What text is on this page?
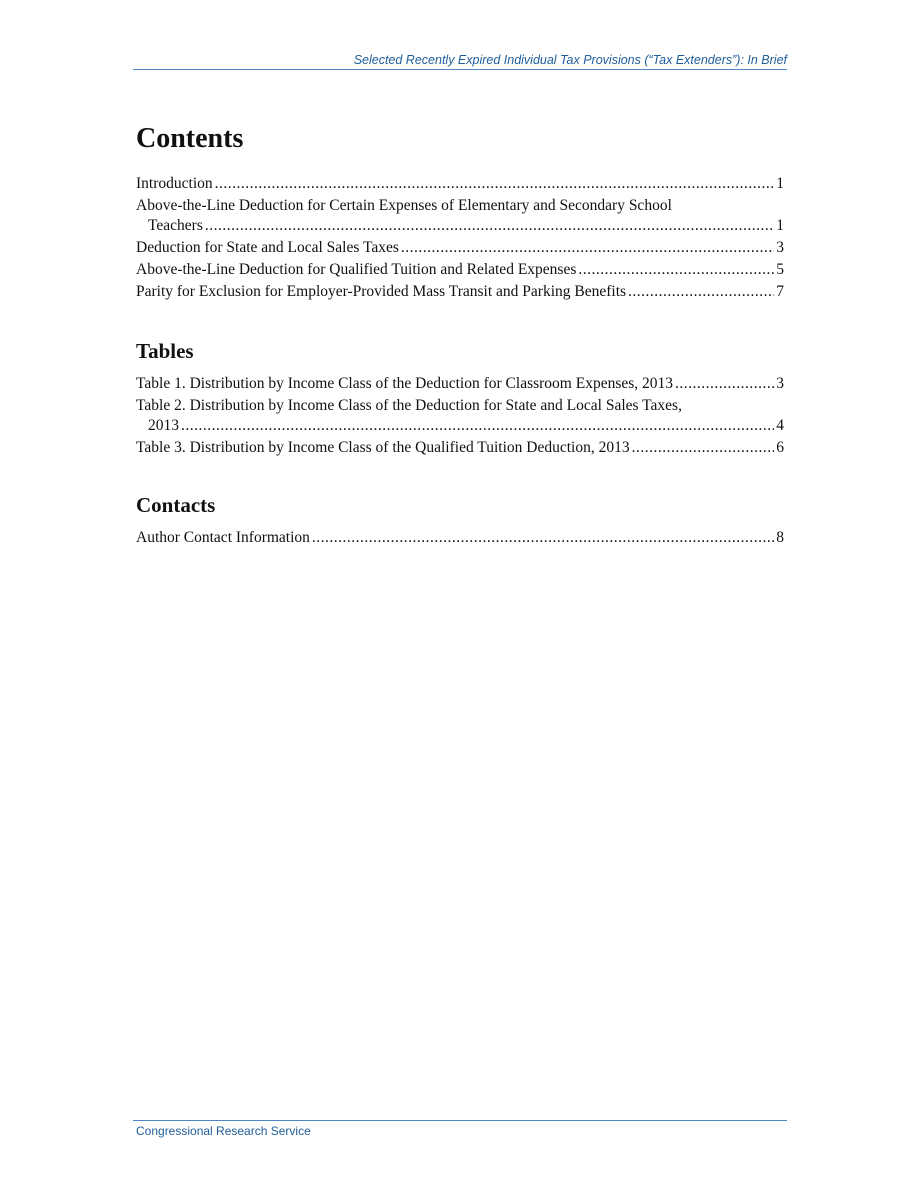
Selected Recently Expired Individual Tax Provisions (“Tax Extenders”): In Brief
Contents
Introduction .....	1
Above-the-Line Deduction for Certain Expenses of Elementary and Secondary School
Teachers .....	1
Deduction for State and Local Sales Taxes .....	3
Above-the-Line Deduction for Qualified Tuition and Related Expenses .....	5
Parity for Exclusion for Employer-Provided Mass Transit and Parking Benefits .....	7
Tables
Table 1. Distribution by Income Class of the Deduction for Classroom Expenses, 2013 .....	3
Table 2. Distribution by Income Class of the Deduction for State and Local Sales Taxes,
2013 .....	4
Table 3. Distribution by Income Class of the Qualified Tuition Deduction, 2013 .....	6
Contacts
Author Contact Information .....	8
Congressional Research Service
